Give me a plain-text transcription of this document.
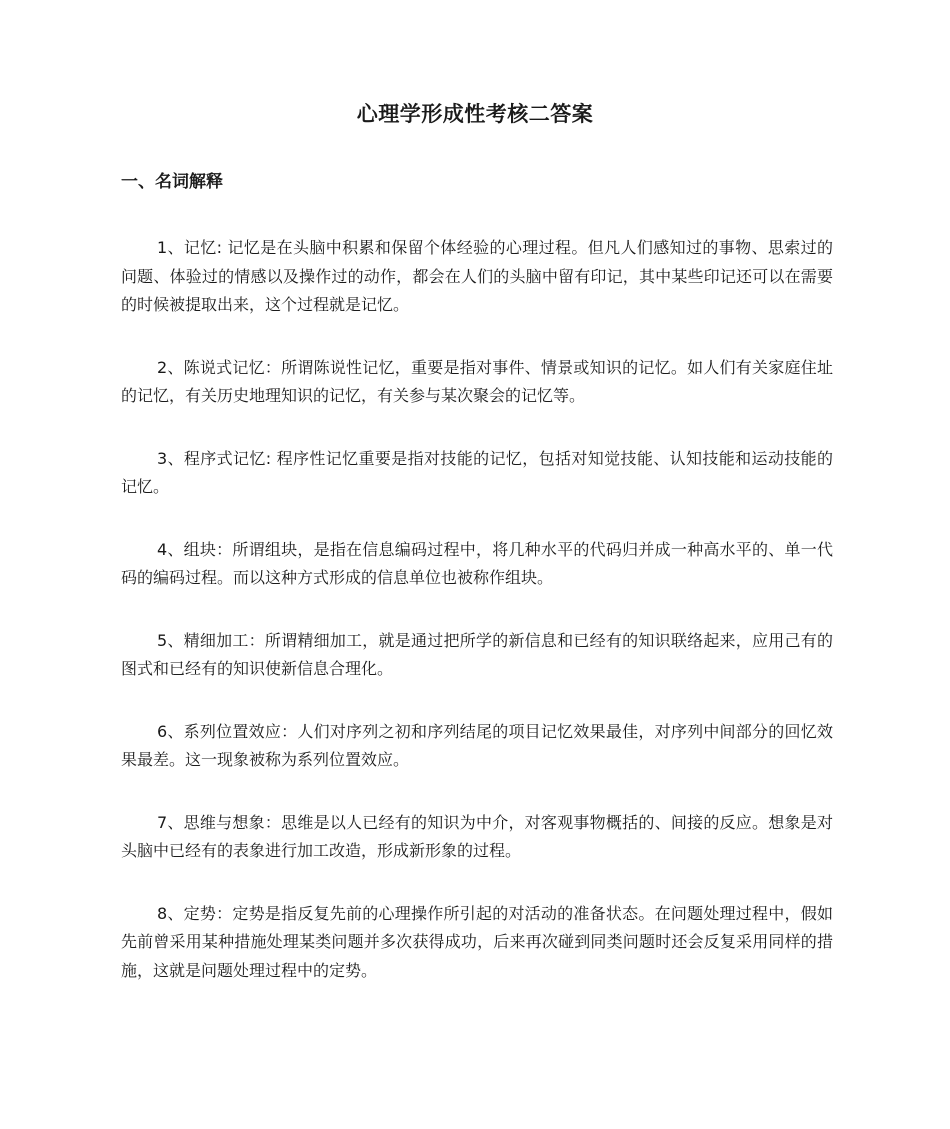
心理学形成性考核二答案
一、名词解释

1、记忆: 记忆是在头脑中积累和保留个体经验的心理过程。但凡人们感知过的事物、思索过的问题、体验过的情感以及操作过的动作，都会在人们的头脑中留有印记，其中某些印记还可以在需要的时候被提取出来，这个过程就是记忆。

2、陈说式记忆：所谓陈说性记忆，重要是指对事件、情景或知识的记忆。如人们有关家庭住址的记忆，有关历史地理知识的记忆，有关参与某次聚会的记忆等。

3、程序式记忆: 程序性记忆重要是指对技能的记忆，包括对知觉技能、认知技能和运动技能的记忆。

4、组块：所谓组块，是指在信息编码过程中，将几种水平的代码归并成一种高水平的、单一代码的编码过程。而以这种方式形成的信息单位也被称作组块。

5、精细加工：所谓精细加工，就是通过把所学的新信息和已经有的知识联络起来，应用己有的图式和已经有的知识使新信息合理化。

6、系列位置效应：人们对序列之初和序列结尾的项目记忆效果最佳，对序列中间部分的回忆效果最差。这一现象被称为系列位置效应。

7、思维与想象：思维是以人已经有的知识为中介，对客观事物概括的、间接的反应。想象是对头脑中已经有的表象进行加工改造，形成新形象的过程。

8、定势：定势是指反复先前的心理操作所引起的对活动的准备状态。在问题处理过程中，假如先前曾采用某种措施处理某类问题并多次获得成功，后来再次碰到同类问题时还会反复采用同样的措施，这就是问题处理过程中的定势。
